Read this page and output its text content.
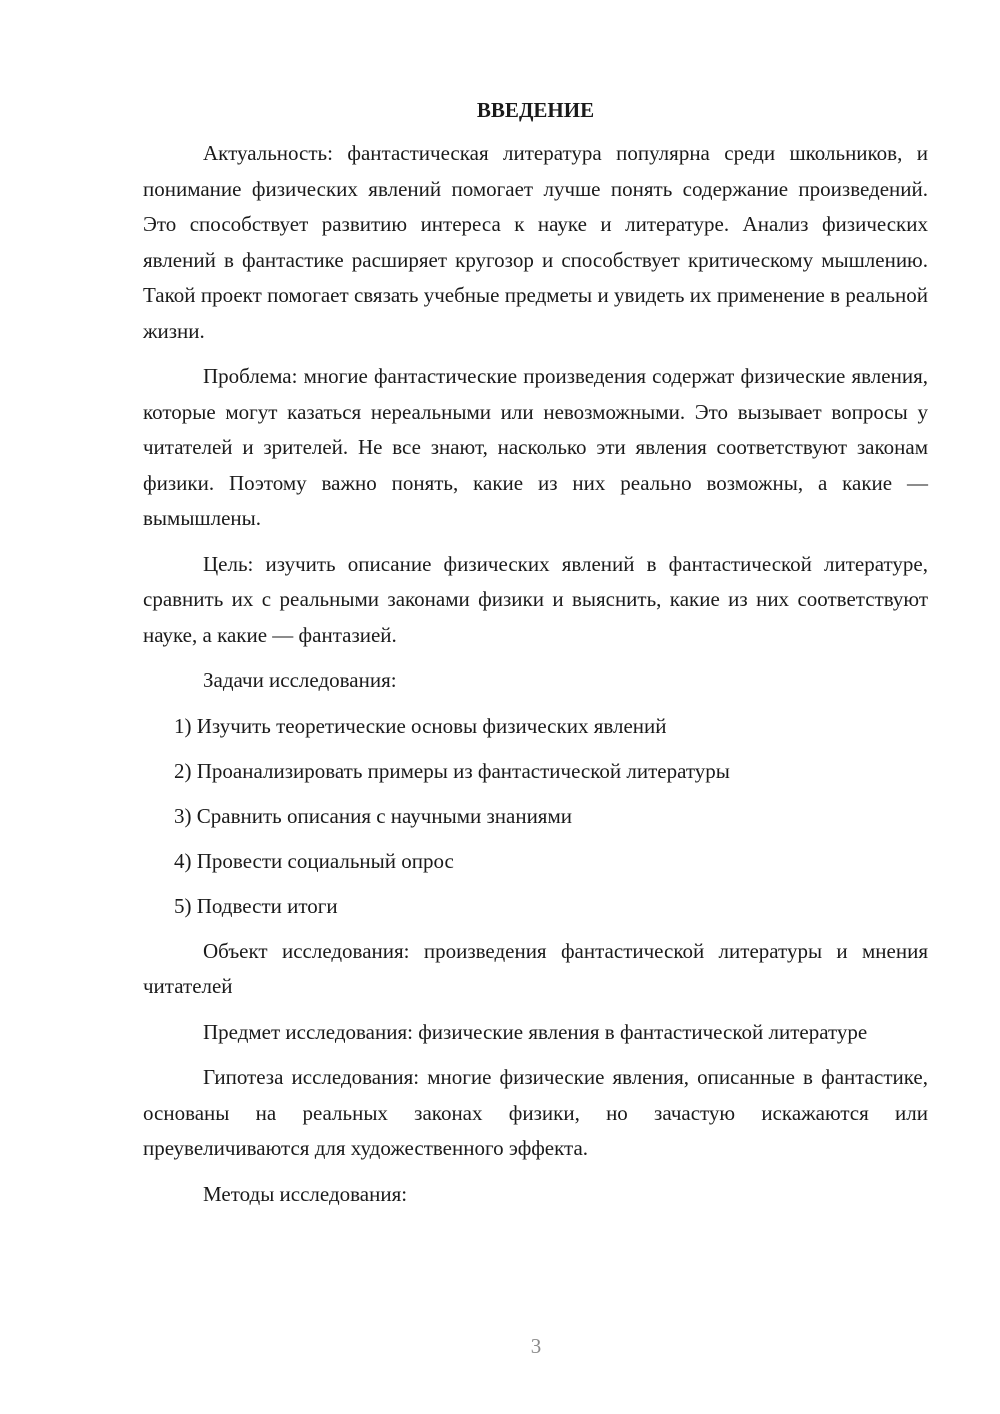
ВВЕДЕНИЕ

Актуальность: фантастическая литература популярна среди школьников, и понимание физических явлений помогает лучше понять содержание произведений. Это способствует развитию интереса к науке и литературе. Анализ физических явлений в фантастике расширяет кругозор и способствует критическому мышлению. Такой проект помогает связать учебные предметы и увидеть их применение в реальной жизни.

Проблема: многие фантастические произведения содержат физические явления, которые могут казаться нереальными или невозможными. Это вызывает вопросы у читателей и зрителей. Не все знают, насколько эти явления соответствуют законам физики. Поэтому важно понять, какие из них реально возможны, а какие — вымышлены.

Цель: изучить описание физических явлений в фантастической литературе, сравнить их с реальными законами физики и выяснить, какие из них соответствуют науке, а какие — фантазией.

Задачи исследования:

1) Изучить теоретические основы физических явлений
2) Проанализировать примеры из фантастической литературы
3) Сравнить описания с научными знаниями
4) Провести социальный опрос
5) Подвести итоги

Объект исследования: произведения фантастической литературы и мнения читателей

Предмет исследования: физические явления в фантастической литературе

Гипотеза исследования: многие физические явления, описанные в фантастике, основаны на реальных законах физики, но зачастую искажаются или преувеличиваются для художественного эффекта.

Методы исследования:

3
